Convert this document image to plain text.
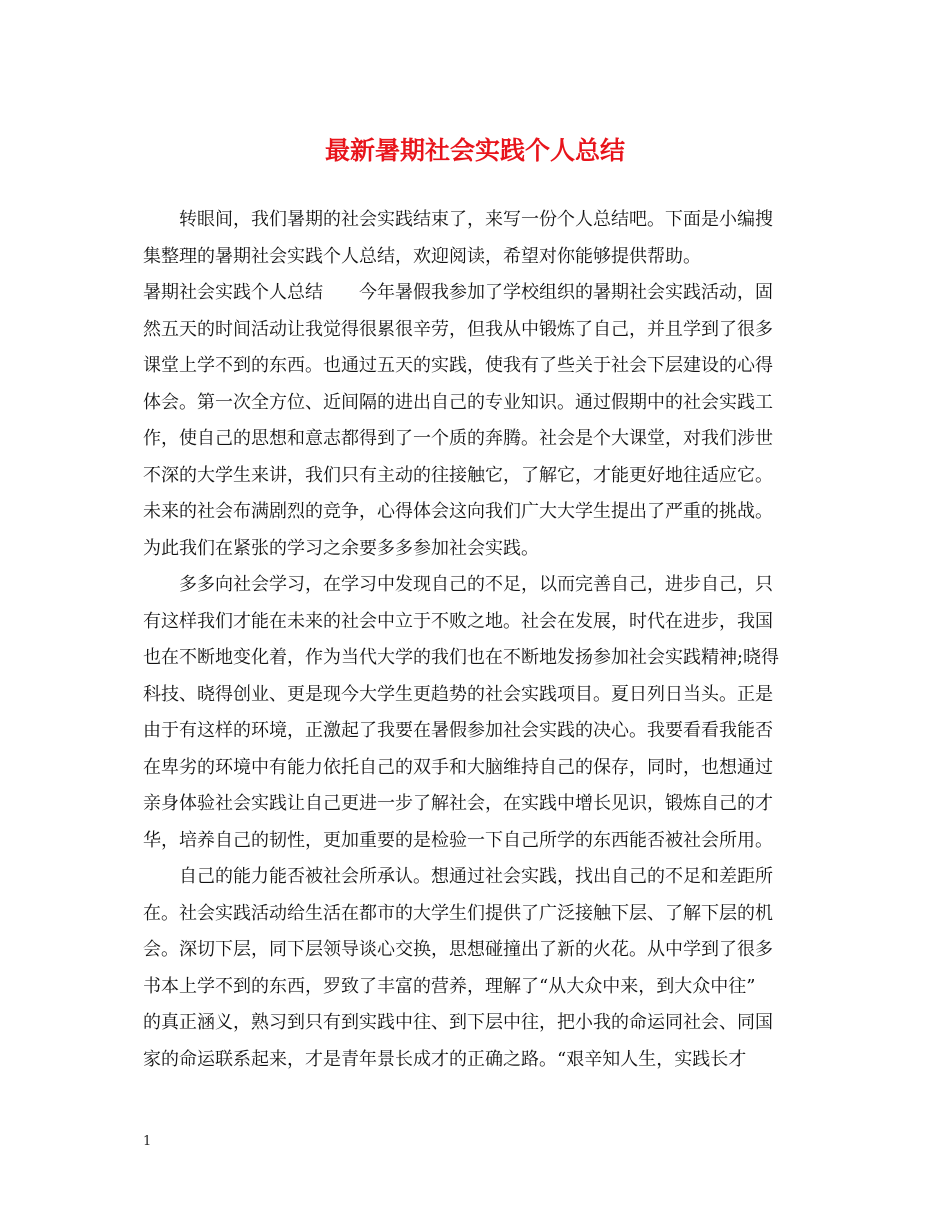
最新暑期社会实践个人总结
转眼间，我们暑期的社会实践结束了，来写一份个人总结吧。下面是小编搜
集整理的暑期社会实践个人总结，欢迎阅读，希望对你能够提供帮助。
暑期社会实践个人总结　　今年暑假我参加了学校组织的暑期社会实践活动，固
然五天的时间活动让我觉得很累很辛劳，但我从中锻炼了自己，并且学到了很多
课堂上学不到的东西。也通过五天的实践，使我有了些关于社会下层建设的心得
体会。第一次全方位、近间隔的进出自己的专业知识。通过假期中的社会实践工
作，使自己的思想和意志都得到了一个质的奔腾。社会是个大课堂，对我们涉世
不深的大学生来讲，我们只有主动的往接触它，了解它，才能更好地往适应它。
未来的社会布满剧烈的竞争，心得体会这向我们广大大学生提出了严重的挑战。
为此我们在紧张的学习之余要多多参加社会实践。
多多向社会学习，在学习中发现自己的不足，以而完善自己，进步自己，只
有这样我们才能在未来的社会中立于不败之地。社会在发展，时代在进步，我国
也在不断地变化着，作为当代大学的我们也在不断地发扬参加社会实践精神;晓得
科技、晓得创业、更是现今大学生更趋势的社会实践项目。夏日列日当头。正是
由于有这样的环境，正激起了我要在暑假参加社会实践的决心。我要看看我能否
在卑劣的环境中有能力依托自己的双手和大脑维持自己的保存，同时，也想通过
亲身体验社会实践让自己更进一步了解社会，在实践中增长见识，锻炼自己的才
华，培养自己的韧性，更加重要的是检验一下自己所学的东西能否被社会所用。
自己的能力能否被社会所承认。想通过社会实践，找出自己的不足和差距所
在。社会实践活动给生活在都市的大学生们提供了广泛接触下层、了解下层的机
会。深切下层，同下层领导谈心交换，思想碰撞出了新的火花。从中学到了很多
书本上学不到的东西，罗致了丰富的营养，理解了“从大众中来，到大众中往”
的真正涵义，熟习到只有到实践中往、到下层中往，把小我的命运同社会、同国
家的命运联系起来，才是青年景长成才的正确之路。“艰辛知人生，实践长才
1
